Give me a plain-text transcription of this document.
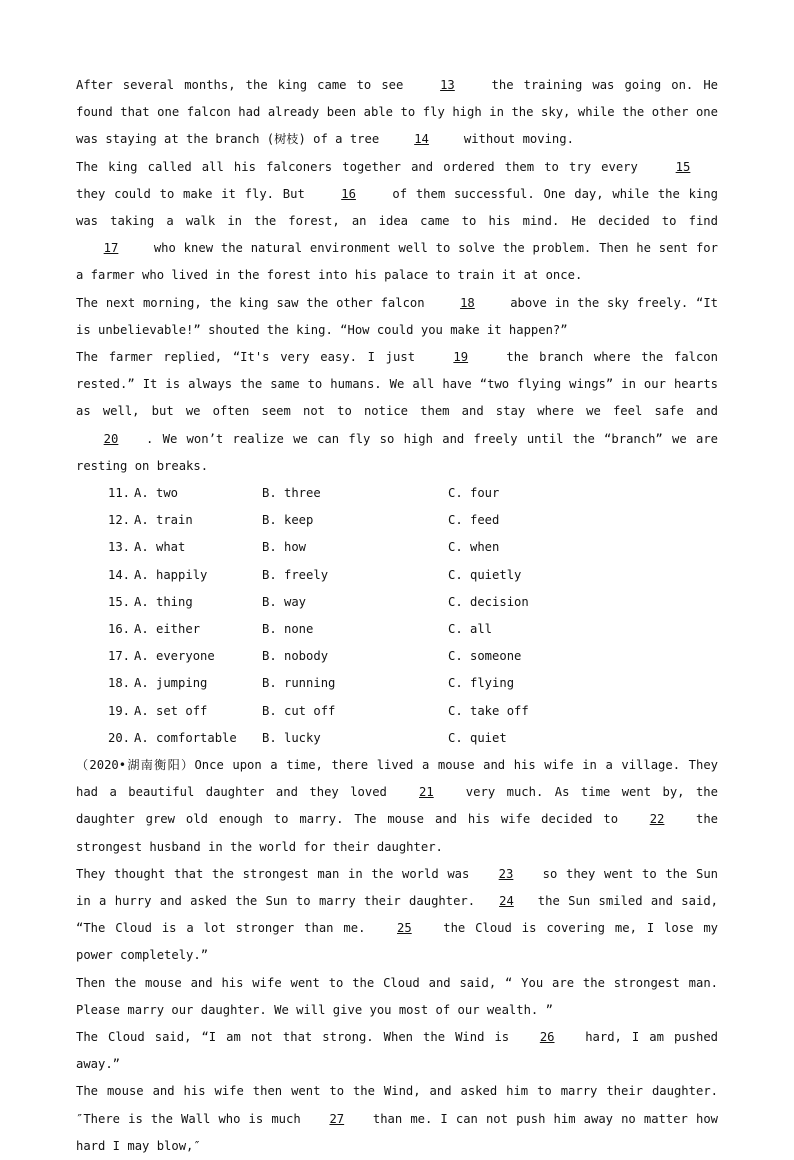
After several months, the king came to see 13 the training was going on. He found that one falcon had already been able to fly high in the sky, while the other one was staying at the branch (树枝) of a tree 14 without moving.

The king called all his falconers together and ordered them to try every 15 they could to make it fly. But 16 of them successful. One day, while the king was taking a walk in the forest, an idea came to his mind. He decided to find 17 who knew the natural environment well to solve the problem. Then he sent for a farmer who lived in the forest into his palace to train it at once.

The next morning, the king saw the other falcon 18 above in the sky freely. “It is unbelievable!” shouted the king. “How could you make it happen?”

The farmer replied, “It's very easy. I just 19 the branch where the falcon rested.” It is always the same to humans. We all have “two flying wings” in our hearts as well, but we often seem not to notice them and stay where we feel safe and 20 . We won’t realize we can fly so high and freely until the “branch” we are resting on breaks.

11. A. two	B. three	C. four
12. A. train	B. keep	C. feed
13. A. what	B. how	C. when
14. A. happily	B. freely	C. quietly
15. A. thing	B. way	C. decision
16. A. either	B. none	C. all
17. A. everyone	B. nobody	C. someone
18. A. jumping	B. running	C. flying
19. A. set off	B. cut off	C. take off
20. A. comfortable	B. lucky	C. quiet

（2020•湖南衡阳）Once upon a time, there lived a mouse and his wife in a village. They had a beautiful daughter and they loved 21 very much. As time went by, the daughter grew old enough to marry. The mouse and his wife decided to 22 the strongest husband in the world for their daughter.

They thought that the strongest man in the world was 23 so they went to the Sun in a hurry and asked the Sun to marry their daughter. 24 the Sun smiled and said, “The Cloud is a lot stronger than me. 25 the Cloud is covering me, I lose my power completely.”

Then the mouse and his wife went to the Cloud and said, “ You are the strongest man. Please marry our daughter. We will give you most of our wealth. ”

The Cloud said, “I am not that strong. When the Wind is 26 hard, I am pushed away.”

The mouse and his wife then went to the Wind, and asked him to marry their daughter. ″There is the Wall who is much 27 than me. I can not push him away no matter how hard I may blow,″
